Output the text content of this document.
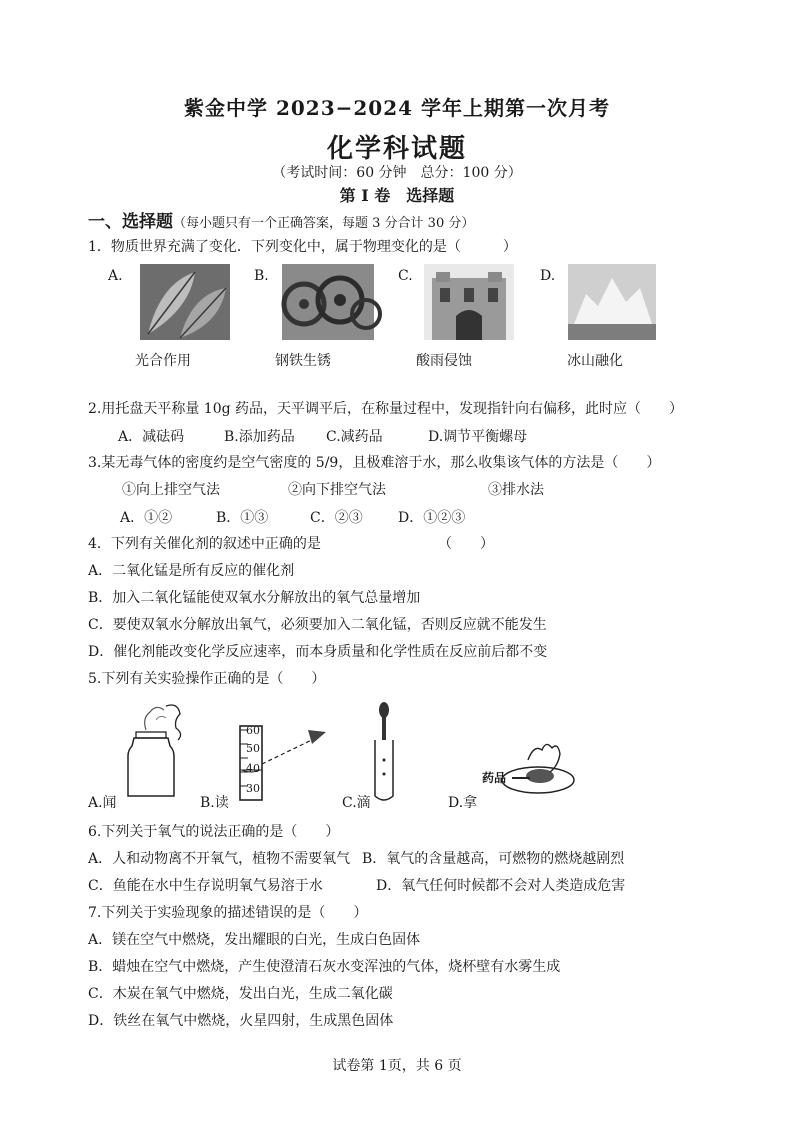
紫金中学 2023−2024 学年上期第一次月考
化学科试题
（考试时间：60 分钟　总分：100 分）
第 I 卷　选择题
一、选择题（每小题只有一个正确答案，每题 3 分合计 30 分）
1．物质世界充满了变化．下列变化中，属于物理变化的是（　　　）
A.
光合作用
B.
钢铁生锈
C.
酸雨侵蚀
D.
冰山融化
2.用托盘天平称量 10g 药品，天平调平后，在称量过程中，发现指针向右偏移，此时应（　　）
A．减砝码	B.添加药品 C.减药品	D.调节平衡螺母
3.某无毒气体的密度约是空气密度的 5/9，且极难溶于水，那么收集该气体的方法是（　　）
①向上排空气法	②向下排空气法	③排水法
A．①②	B．①③	C．②③	D．①②③
4．下列有关催化剂的叙述中正确的是	（　　）
A．二氧化锰是所有反应的催化剂
B．加入二氧化锰能使双氧水分解放出的氧气总量增加
C．要使双氧水分解放出氧气，必须要加入二氧化锰，否则反应就不能发生
D．催化剂能改变化学反应速率，而本身质量和化学性质在反应前后都不变
5.下列有关实验操作正确的是（　　）
A.闻
60
50
40
30
B.读	C.滴
药品
D.拿
6.下列关于氧气的说法正确的是（　　）
A．人和动物离不开氧气，植物不需要氧气 B．氧气的含量越高，可燃物的燃烧越剧烈
C．鱼能在水中生存说明氧气易溶于水	D．氧气任何时候都不会对人类造成危害
7.下列关于实验现象的描述错误的是（　　）
A．镁在空气中燃烧，发出耀眼的白光，生成白色固体
B．蜡烛在空气中燃烧，产生使澄清石灰水变浑浊的气体，烧杯壁有水雾生成
C．木炭在氧气中燃烧，发出白光，生成二氧化碳
D．铁丝在氧气中燃烧，火星四射，生成黑色固体
试卷第 1页，共 6 页
